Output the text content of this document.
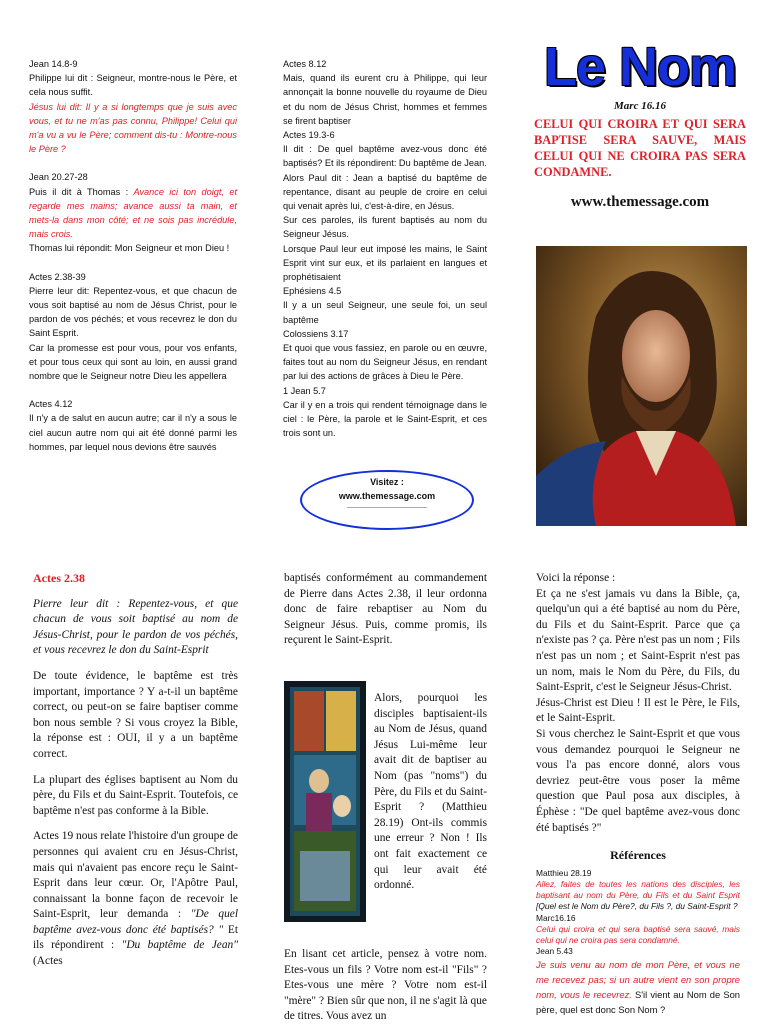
Jean 14.8-9

Philippe lui dit : Seigneur, montre-nous le Père, et cela nous suffit.

Jésus lui dit: Il y a si longtemps que je suis avec vous, et tu ne m'as pas connu, Philippe! Celui qui m'a vu a vu le Père; comment dis-tu : Montre-nous le Père ?

Jean 20.27-28

Puis il dit à Thomas : Avance ici ton doigt, et regarde mes mains; avance aussi ta main, et mets-la dans mon côté; et ne sois pas incrédule, mais crois.

Thomas lui répondit: Mon Seigneur et mon Dieu !

Actes 2.38-39

Pierre leur dit: Repentez-vous, et que chacun de vous soit baptisé au nom de Jésus Christ, pour le pardon de vos péchés; et vous recevrez le don du Saint Esprit.

Car la promesse est pour vous, pour vos enfants, et pour tous ceux qui sont au loin, en aussi grand nombre que le Seigneur notre Dieu les appellera

Actes 4.12

Il n'y a de salut en aucun autre; car il n'y a sous le ciel aucun autre nom qui ait été donné parmi les hommes, par lequel nous devions être sauvés

Actes 8.12

Mais, quand ils eurent cru à Philippe, qui leur annonçait la bonne nouvelle du royaume de Dieu et du nom de Jésus Christ, hommes et femmes se firent baptiser

Actes 19.3-6

Il dit : De quel baptême avez-vous donc été baptisés? Et ils répondirent: Du baptême de Jean.

Alors Paul dit : Jean a baptisé du baptême de repentance, disant au peuple de croire en celui qui venait après lui, c'est-à-dire, en Jésus.

Sur ces paroles, ils furent baptisés au nom du Seigneur Jésus.

Lorsque Paul leur eut imposé les mains, le Saint Esprit vint sur eux, et ils parlaient en langues et prophétisaient

Ephésiens 4.5

Il y a un seul Seigneur, une seule foi, un seul baptême

Colossiens 3.17

Et quoi que vous fassiez, en parole ou en œuvre, faites tout au nom du Seigneur Jésus, en rendant par lui des actions de grâces à Dieu le Père.

1 Jean 5.7

Car il y en a trois qui rendent témoignage dans le ciel : le Père, la parole et le Saint-Esprit, et ces trois sont un.

Visitez :
www.themessage.com
________________
Le Nom
Marc 16.16
CELUI QUI CROIRA ET QUI SERA BAPTISE SERA SAUVE, MAIS CELUI QUI NE CROIRA PAS SERA CONDAMNE.
www.themessage.com

Actes 2.38

Pierre leur dit : Repentez-vous, et que chacun de vous soit baptisé au nom de Jésus-Christ, pour le pardon de vos péchés, et vous recevrez le don du Saint-Esprit

De toute évidence, le baptême est très important, importance ? Y a-t-il un baptême correct, ou peut-on se faire baptiser comme bon nous semble ? Si vous croyez la Bible, la réponse est : OUI, il y a un baptême correct.

La plupart des églises baptisent au Nom du père, du Fils et du Saint-Esprit. Toutefois, ce baptême n'est pas conforme à la Bible.

Actes 19 nous relate l'histoire d'un groupe de personnes qui avaient cru en Jésus-Christ, mais qui n'avaient pas encore reçu le Saint-Esprit dans leur cœur. Or, l'Apôtre Paul, connaissant la bonne façon de recevoir le Saint-Esprit, leur demanda : "De quel baptême avez-vous donc été baptisés? " Et ils répondirent : "Du baptême de Jean" (Actes

baptisés conformément au commandement de Pierre dans Actes 2.38, il leur ordonna donc de faire rebaptiser au Nom du Seigneur Jésus. Puis, comme promis, ils reçurent le Saint-Esprit.

Alors, pourquoi les disciples baptisaient-ils au Nom de Jésus, quand Jésus Lui-même leur avait dit de baptiser au Nom (pas "noms") du Père, du Fils et du Saint-Esprit ? (Matthieu 28.19) Ont-ils commis une erreur ? Non ! Ils ont fait exactement ce qui leur avait été ordonné.

En lisant cet article, pensez à votre nom. Etes-vous un fils ? Votre nom est-il "Fils" ? Etes-vous une mère ? Votre nom est-il "mère" ? Bien sûr que non, il ne s'agit là que de titres. Vous avez un

Voici la réponse :

Et ça ne s'est jamais vu dans la Bible, ça, quelqu'un qui a été baptisé au nom du Père, du Fils et du Saint-Esprit. Parce que ça n'existe pas ? ça. Père n'est pas un nom ; Fils n'est pas un nom ; et Saint-Esprit n'est pas un nom, mais le Nom du Père, du Fils, du Saint-Esprit, c'est le Seigneur Jésus-Christ.

Jésus-Christ est Dieu ! Il est le Père, le Fils, et le Saint-Esprit.

Si vous cherchez le Saint-Esprit et que vous vous demandez pourquoi le Seigneur ne vous l'a pas encore donné, alors vous devriez peut-être vous poser la même question que Paul posa aux disciples, à Éphèse : "De quel baptême avez-vous donc été baptisés ?"

Références

Matthieu 28.19

Allez, faites de toutes les nations des disciples, les baptisant au nom du Père, du Fils et du Saint Esprit [Quel est le Nom du Père?, du Fils ?, du Saint-Esprit ?

Marc16.16

Celui qui croira et qui sera baptisé sera sauvé, mais celui qui ne croira pas sera condamné.

Jean 5.43

Je suis venu au nom de mon Père, et vous ne me recevez pas; si un autre vient en son propre nom, vous le recevrez. S'il vient au Nom de Son père, quel est donc Son Nom ?
